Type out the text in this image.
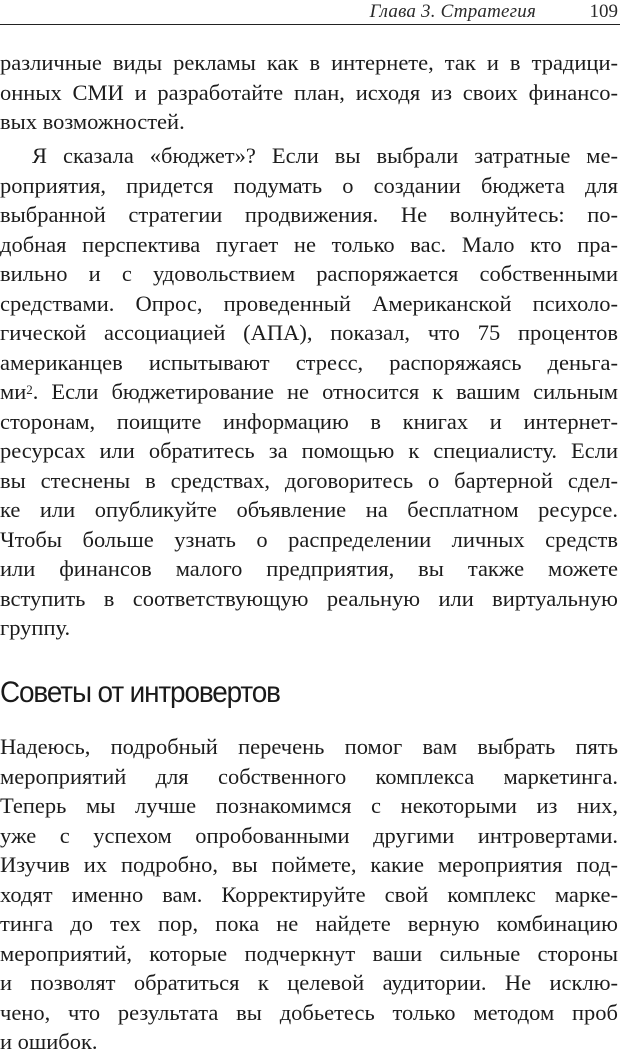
Глава 3. Стратегия	109
различные виды рекламы как в интернете, так и в традици-
онных СМИ и разработайте план, исходя из своих финансо-
вых возможностей.
Я сказала «бюджет»? Если вы выбрали затратные ме-
роприятия, придется подумать о создании бюджета для
выбранной стратегии продвижения. Не волнуйтесь: по-
добная перспектива пугает не только вас. Мало кто пра-
вильно и с удовольствием распоряжается собственными
средствами. Опрос, проведенный Американской психоло-
гической ассоциацией (АПА), показал, что 75 процентов
американцев испытывают стресс, распоряжаясь деньга-
ми$^2$. Если бюджетирование не относится к вашим сильным
сторонам, поищите информацию в книгах и интернет-
ресурсах или обратитесь за помощью к специалисту. Если
вы стеснены в средствах, договоритесь о бартерной сдел-
ке или опубликуйте объявление на бесплатном ресурсе.
Чтобы больше узнать о распределении личных средств
или финансов малого предприятия, вы также можете
вступить в соответствующую реальную или виртуальную
группу.
Советы от интровертов
Надеюсь, подробный перечень помог вам выбрать пять
мероприятий для собственного комплекса маркетинга.
Теперь мы лучше познакомимся с некоторыми из них,
уже с успехом опробованными другими интровертами.
Изучив их подробно, вы поймете, какие мероприятия под-
ходят именно вам. Корректируйте свой комплекс марке-
тинга до тех пор, пока не найдете верную комбинацию
мероприятий, которые подчеркнут ваши сильные стороны
и позволят обратиться к целевой аудитории. Не исклю-
чено, что результата вы добьетесь только методом проб
и ошибок.
